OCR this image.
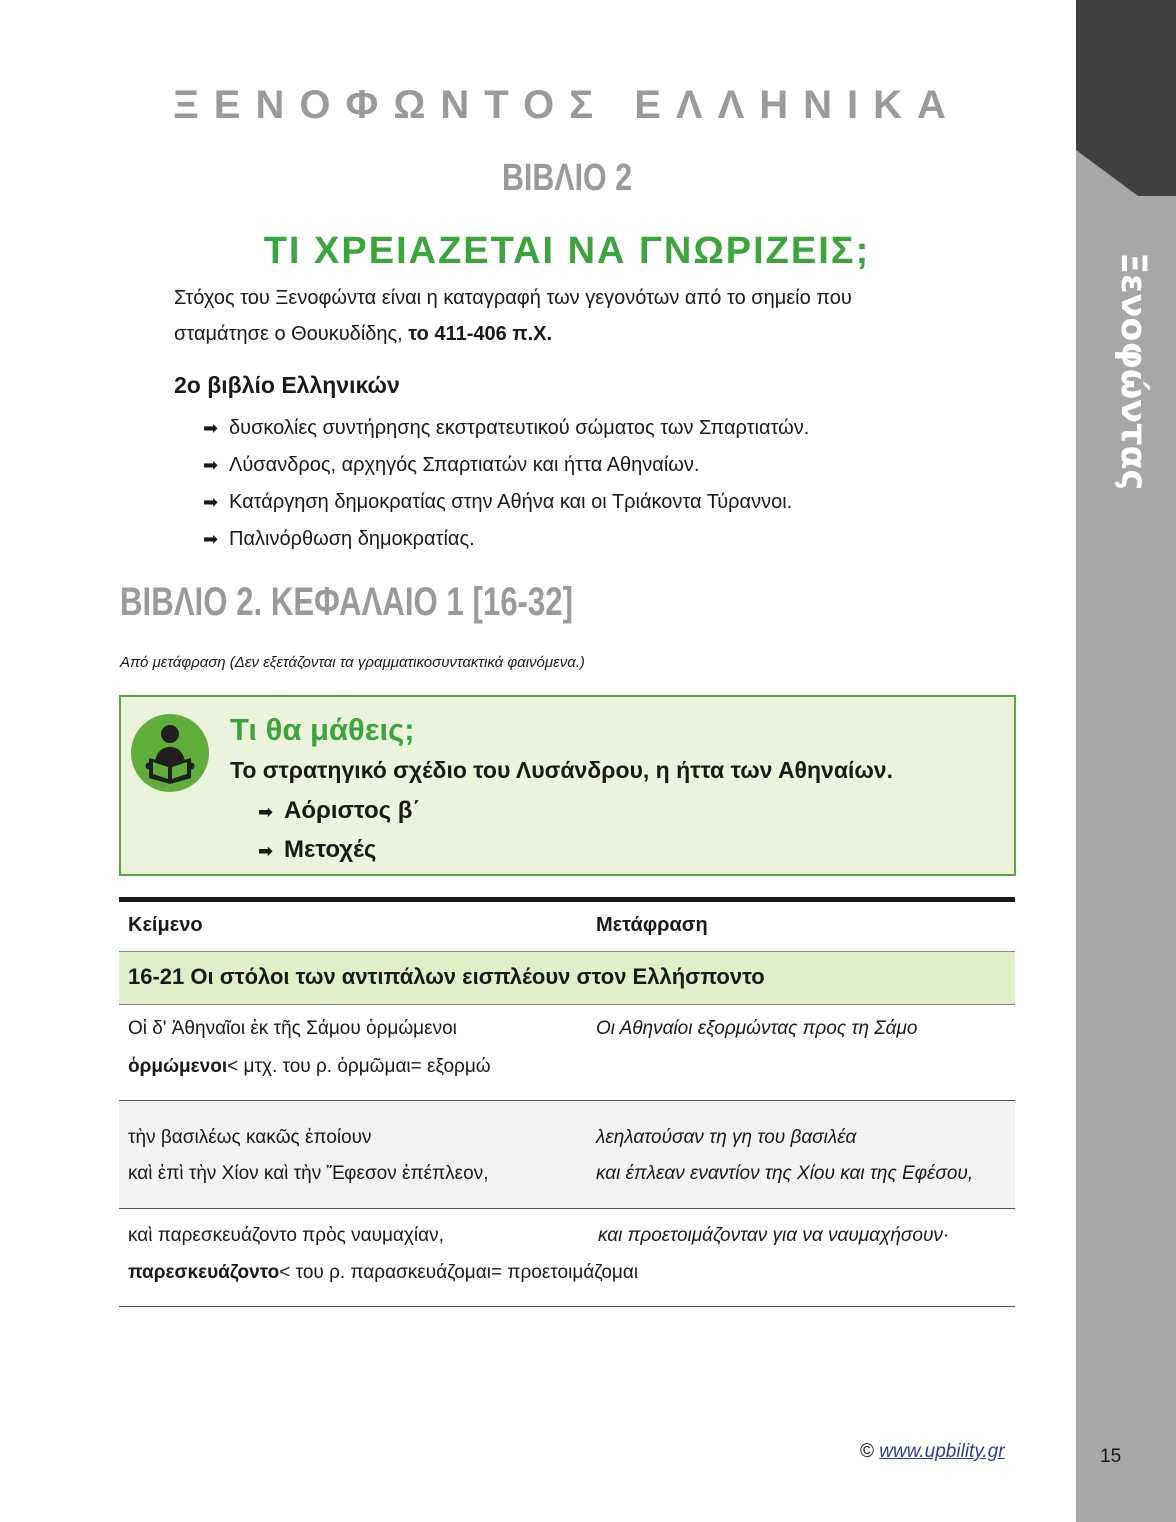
Ξενοφώντας
15
ΞΕΝΟΦΩΝΤΟΣ ΕΛΛΗΝΙΚΑ
ΒΙΒΛΙΟ 2
ΤΙ ΧΡΕΙΑΖΕΤΑΙ ΝΑ ΓΝΩΡΙΖΕΙΣ;
Στόχος του Ξενοφώντα είναι η καταγραφή των γεγονότων από το σημείο που
σταμάτησε ο Θουκυδίδης, το 411-406 π.Χ.
2ο βιβλίο Ελληνικών
➡ δυσκολίες συντήρησης εκστρατευτικού σώματος των Σπαρτιατών.
➡ Λύσανδρος, αρχηγός Σπαρτιατών και ήττα Αθηναίων.
➡ Κατάργηση δημοκρατίας στην Αθήνα και οι Τριάκοντα Τύραννοι.
➡ Παλινόρθωση δημοκρατίας.
ΒΙΒΛΙΟ 2. ΚΕΦΑΛΑΙΟ 1 [16-32]
Από μετάφραση (Δεν εξετάζονται τα γραμματικοσυντακτικά φαινόμενα.)
Τι θα μάθεις;
Το στρατηγικό σχέδιο του Λυσάνδρου, η ήττα των Αθηναίων.
➡ Αόριστος β΄
➡ Μετοχές
Κείμενο	Μετάφραση
16-21 Οι στόλοι των αντιπάλων εισπλέουν στον Ελλήσποντο
Οἱ δ' Ἀθηναῖοι ἐκ τῆς Σάμου ὁρμώμενοι
ὁρμώμενοι< μτχ. του ρ. ὁρμῶμαι= εξορμώ
Οι Αθηναίοι εξορμώντας προς τη Σάμο
τὴν βασιλέως κακῶς ἐποίουν
καὶ ἐπὶ τὴν Χίον καὶ τὴν Ἔφεσον ἐπέπλεον,
λεηλατούσαν τη γη του βασιλέα
και έπλεαν εναντίον της Χίου και της Εφέσου,
καὶ παρεσκευάζοντο πρὸς ναυμαχίαν,
παρεσκευάζοντο< του ρ. παρασκευάζομαι= προετοιμάζομαι
και προετοιμάζονταν για να ναυμαχήσουν·
© www.upbility.gr
